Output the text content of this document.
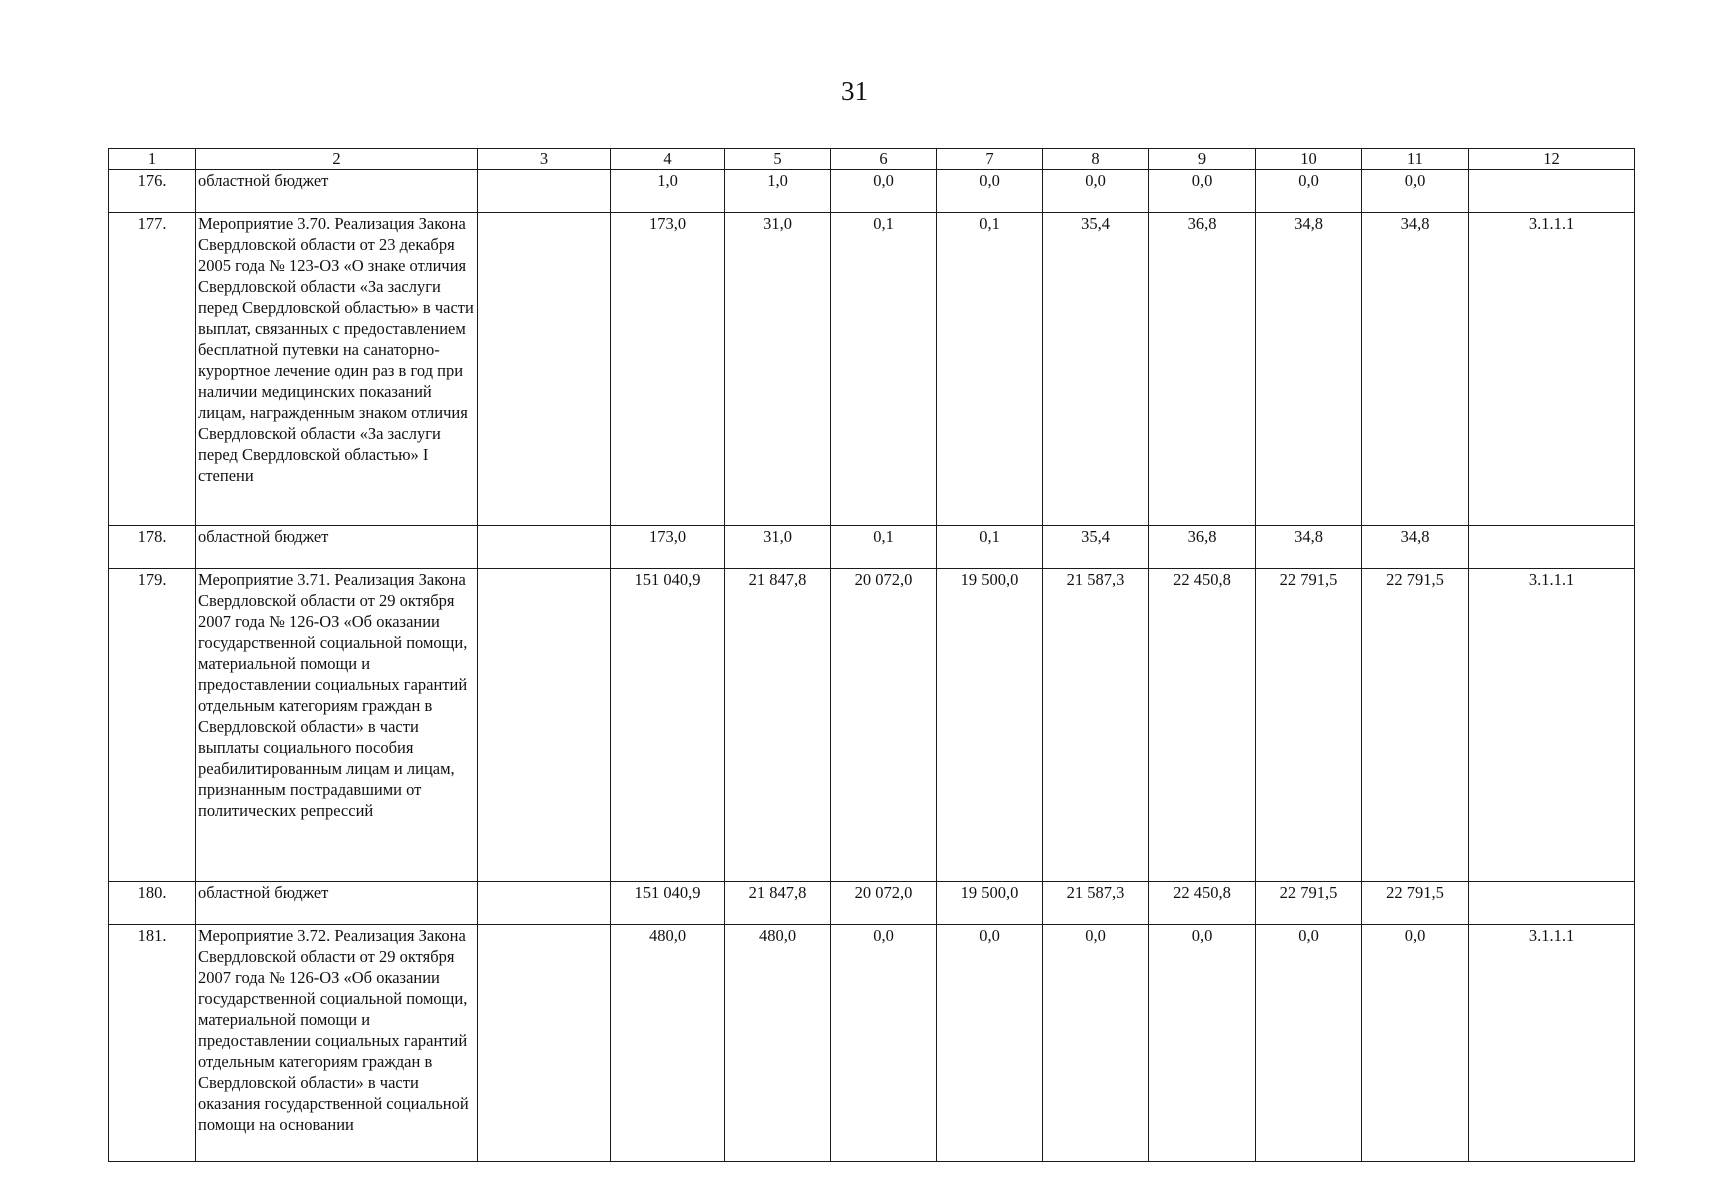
31
1	2	3	4	5	6	7	8	9	10	11	12
176.	областной бюджет		1,0	1,0	0,0	0,0	0,0	0,0	0,0	0,0	
177.	Мероприятие 3.70. Реализация Закона Свердловской области от 23 декабря 2005 года № 123-ОЗ «О знаке отличия Свердловской области «За заслуги перед Свердловской областью» в части выплат, связанных с предоставлением бесплатной путевки на санаторно-курортное лечение один раз в год при наличии медицинских показаний лицам, награжденным знаком отличия Свердловской области «За заслуги перед Свердловской областью» I степени		173,0	31,0	0,1	0,1	35,4	36,8	34,8	34,8	3.1.1.1
178.	областной бюджет		173,0	31,0	0,1	0,1	35,4	36,8	34,8	34,8	
179.	Мероприятие 3.71. Реализация Закона Свердловской области от 29 октября 2007 года № 126-ОЗ «Об оказании государственной социальной помощи, материальной помощи и предоставлении социальных гарантий отдельным категориям граждан в Свердловской области» в части выплаты социального пособия реабилитированным лицам и лицам, признанным пострадавшими от политических репрессий		151 040,9	21 847,8	20 072,0	19 500,0	21 587,3	22 450,8	22 791,5	22 791,5	3.1.1.1
180.	областной бюджет		151 040,9	21 847,8	20 072,0	19 500,0	21 587,3	22 450,8	22 791,5	22 791,5	
181.	Мероприятие 3.72. Реализация Закона Свердловской области от 29 октября 2007 года № 126-ОЗ «Об оказании государственной социальной помощи, материальной помощи и предоставлении социальных гарантий отдельным категориям граждан в Свердловской области» в части оказания государственной социальной помощи на основании		480,0	480,0	0,0	0,0	0,0	0,0	0,0	0,0	3.1.1.1
